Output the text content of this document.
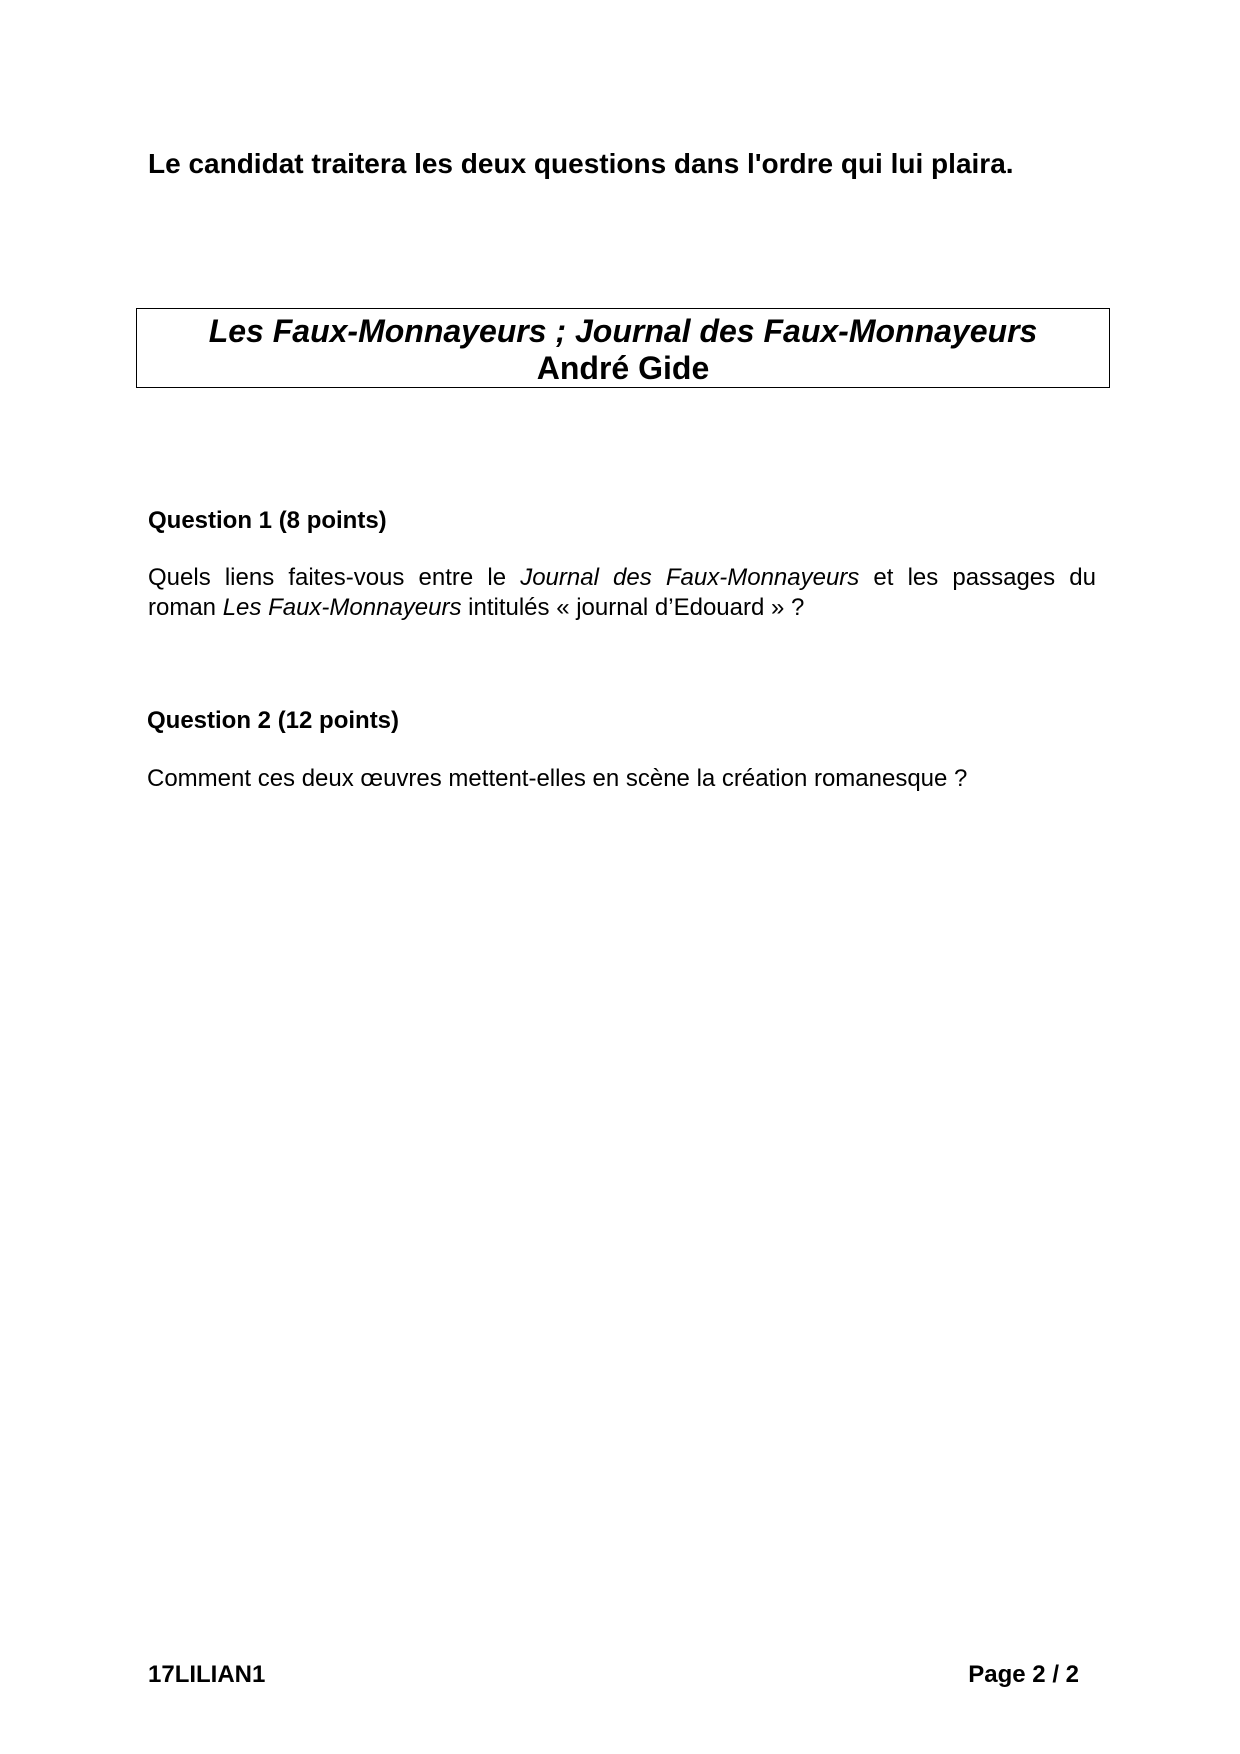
Le candidat traitera les deux questions dans l'ordre qui lui plaira.
Les Faux-Monnayeurs ; Journal des Faux-Monnayeurs
André Gide
Question 1 (8 points)
Quels liens faites-vous entre le Journal des Faux-Monnayeurs et les passages du
roman Les Faux-Monnayeurs intitulés « journal d’Edouard » ?
Question 2 (12 points)
Comment ces deux œuvres mettent-elles en scène la création romanesque ?
17LILIAN1	Page 2 / 2
